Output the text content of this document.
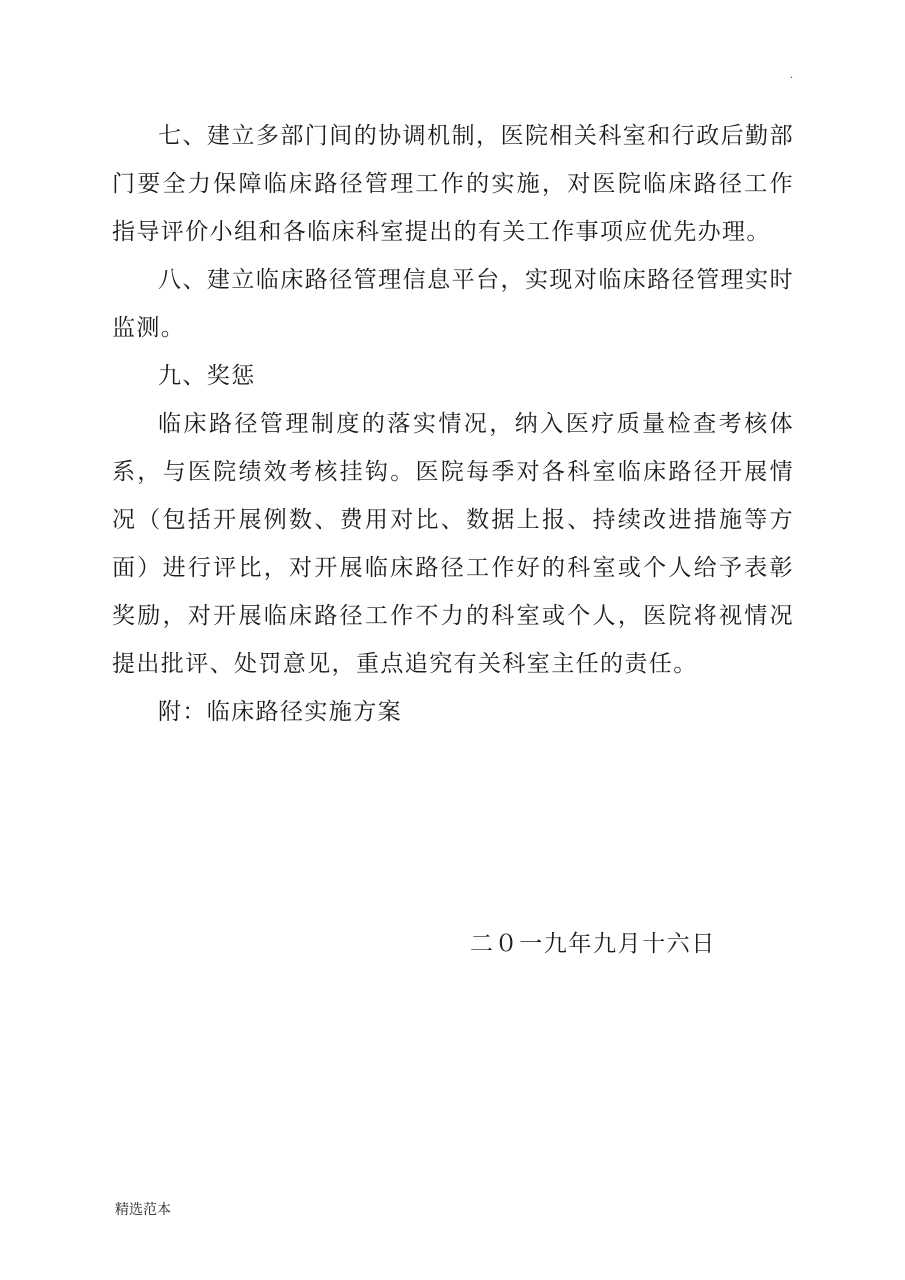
.

七、建立多部门间的协调机制，医院相关科室和行政后勤部门要全力保障临床路径管理工作的实施，对医院临床路径工作指导评价小组和各临床科室提出的有关工作事项应优先办理。

八、建立临床路径管理信息平台，实现对临床路径管理实时监测。

九、奖惩

临床路径管理制度的落实情况，纳入医疗质量检查考核体系，与医院绩效考核挂钩。医院每季对各科室临床路径开展情况（包括开展例数、费用对比、数据上报、持续改进措施等方面）进行评比，对开展临床路径工作好的科室或个人给予表彰奖励，对开展临床路径工作不力的科室或个人，医院将视情况提出批评、处罚意见，重点追究有关科室主任的责任。

附：临床路径实施方案

二０一九年九月十六日
精选范本
